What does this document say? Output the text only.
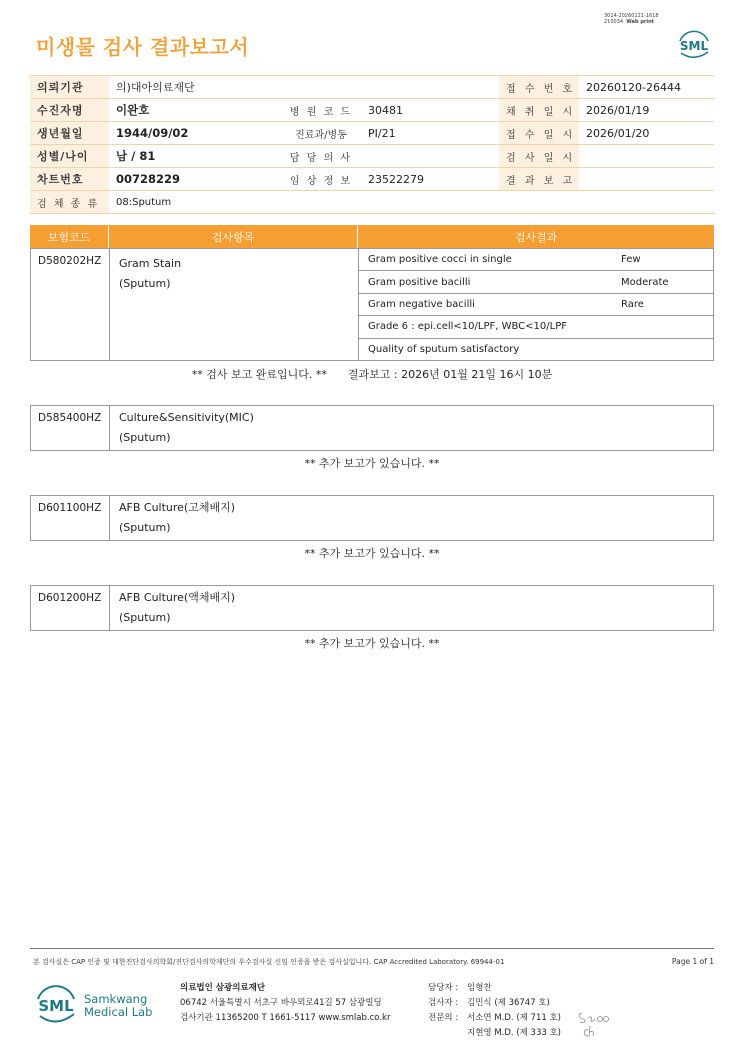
3014-20260121-1618
210034 Web print
미생물 검사 결과보고서	SML
의뢰기관	의)대아의료재단			접 수 번 호	20260120-26444
수진자명	이완호	병 원 코 드	30481	채 취 일 시	2026/01/19
생년월일	1944/09/02	진료과/병동	PI/21	접 수 일 시	2026/01/20
성별/나이	남 / 81	담 당 의 사		검 사 일 시	
차트번호	00728229	임 상 정 보	23522279	결 과 보 고	
검 체 종 류	08:Sputum				
보험코드	검사항목	검사결과
D580202HZ	Gram Stain
(Sputum)
Gram positive cocci in single	Few
Gram positive bacilli	Moderate
Gram negative bacilli	Rare
Grade 6 : epi.cell<10/LPF, WBC<10/LPF
Quality of sputum satisfactory
** 검사 보고 완료입니다. **      결과보고 : 2026년 01월 21일 16시 10분
D585400HZ	Culture&Sensitivity(MIC)
(Sputum)
** 추가 보고가 있습니다. **
D601100HZ	AFB Culture(고체배지)
(Sputum)
** 추가 보고가 있습니다. **
D601200HZ	AFB Culture(액체배지)
(Sputum)
** 추가 보고가 있습니다. **
본 검사실은 CAP 인증 및 대한진단검사의학회/진단검사의학재단의 우수검사실 신임 인증을 받은 검사실입니다. CAP Accredited Laboratory. 69944-01	Page 1 of 1
SML Samkwang
Medical Lab
의료법인 삼광의료재단
06742 서울특별시 서초구 바우뫼로41길 57 삼광빌딩
검사기관 11365200 T 1661-5117 www.smlab.co.kr
담당자 : 임형찬
검사자 : 김민식 (제 36747 호)
전문의 : 서소연 M.D. (제 711 호)
지현영 M.D. (제 333 호)
